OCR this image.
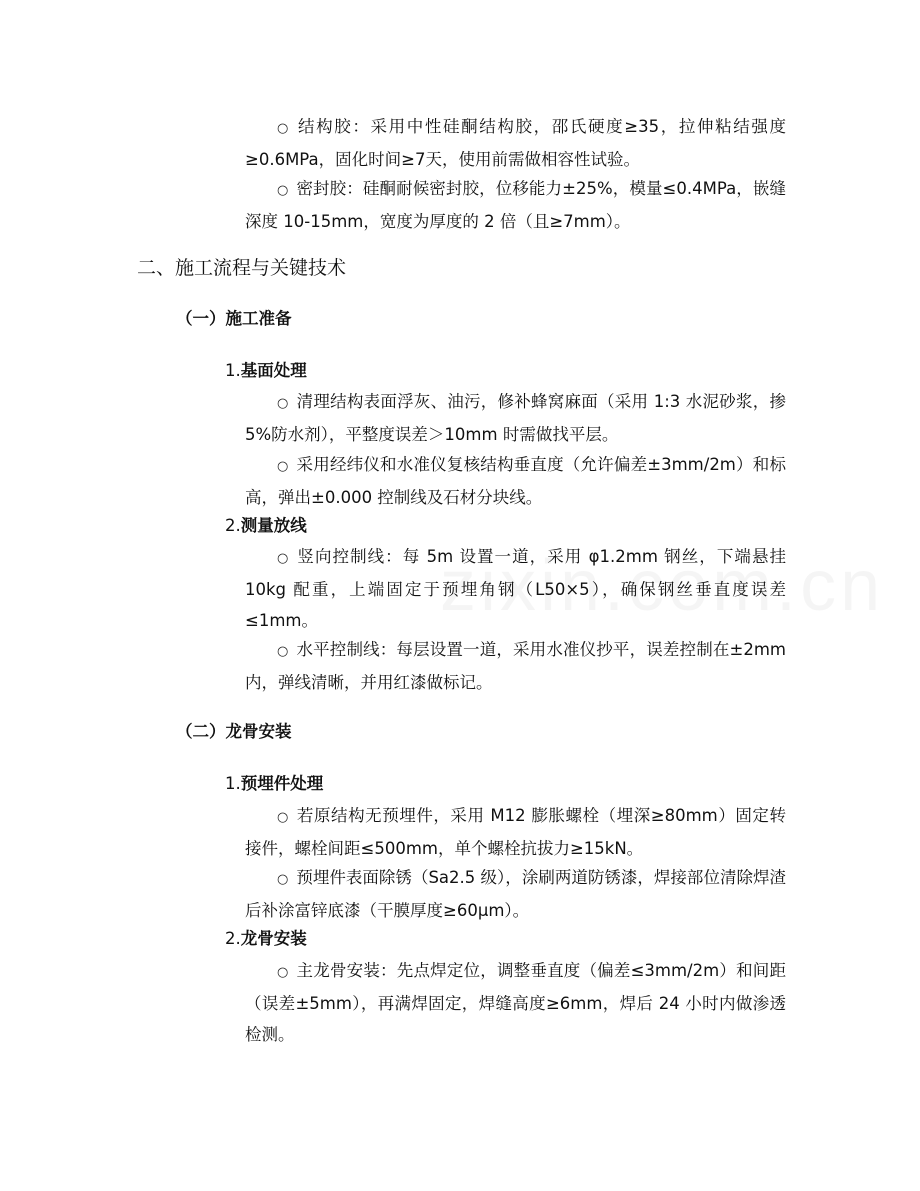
○ 结构胶：采用中性硅酮结构胶，邵氏硬度≥35，拉伸粘结强度≥0.6MPa，固化时间≥7天，使用前需做相容性试验。

○ 密封胶：硅酮耐候密封胶，位移能力±25%，模量≤0.4MPa，嵌缝深度 10-15mm，宽度为厚度的 2 倍（且≥7mm）。

二、施工流程与关键技术
（一）施工准备
1.基面处理

○ 清理结构表面浮灰、油污，修补蜂窝麻面（采用 1:3 水泥砂浆，掺 5%防水剂），平整度误差＞10mm 时需做找平层。

○ 采用经纬仪和水准仪复核结构垂直度（允许偏差±3mm/2m）和标高，弹出±0.000 控制线及石材分块线。

2.测量放线

○ 竖向控制线：每 5m 设置一道，采用 φ1.2mm 钢丝，下端悬挂 10kg 配重，上端固定于预埋角钢（L50×5），确保钢丝垂直度误差≤1mm。

○ 水平控制线：每层设置一道，采用水准仪抄平，误差控制在±2mm 内，弹线清晰，并用红漆做标记。

（二）龙骨安装
1.预埋件处理

○ 若原结构无预埋件，采用 M12 膨胀螺栓（埋深≥80mm）固定转接件，螺栓间距≤500mm，单个螺栓抗拔力≥15kN。

○ 预埋件表面除锈（Sa2.5 级），涂刷两道防锈漆，焊接部位清除焊渣后补涂富锌底漆（干膜厚度≥60μm）。

2.龙骨安装

○ 主龙骨安装：先点焊定位，调整垂直度（偏差≤3mm/2m）和间距（误差±5mm），再满焊固定，焊缝高度≥6mm，焊后 24 小时内做渗透检测。
